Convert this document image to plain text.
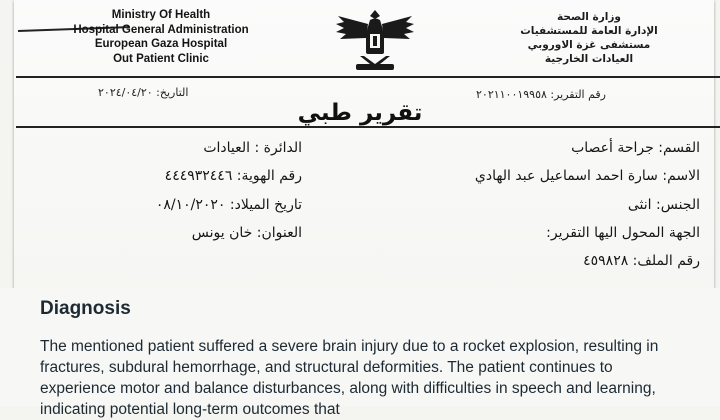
Ministry Of Health
Hospital General Administration
European Gaza Hospital
Out Patient Clinic
وزارة الصحة
الإدارة العامة للمستشفيات
مستشفى غزة الاوروبي
العيادات الخارجية
التاريخ: ٢٠٢٤/٠٤/٢٠	رقم التقرير: ٢٠٢١١٠٠١٩٩٥٨
تقرير طبي
القسم: جراحة أعصاب
الاسم: سارة احمد اسماعيل عبد الهادي
الجنس: انثى
الجهة المحول اليها التقرير:
رقم الملف: ٤٥٩٨٢٨
الدائرة : العيادات
رقم الهوية: ٤٤٤٩٣٢٤٤٦
تاريخ الميلاد: ٠٨/١٠/٢٠٢٠
العنوان: خان يونس
Diagnosis
The mentioned patient suffered a severe brain injury due to a rocket explosion, resulting in fractures, subdural hemorrhage, and structural deformities. The patient continues to experience motor and balance disturbances, along with difficulties in speech and learning, indicating potential long-term outcomes that
